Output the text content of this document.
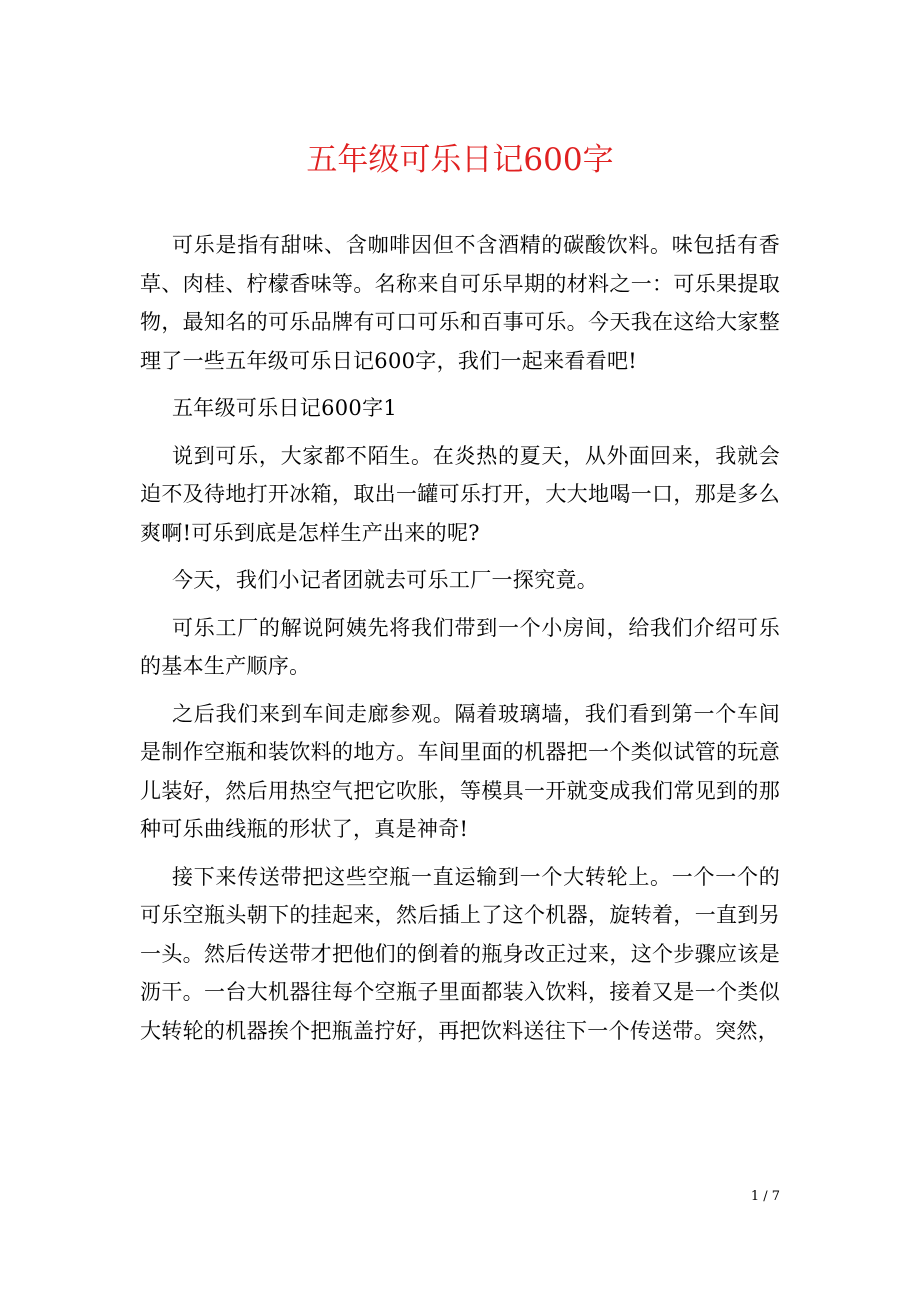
五年级可乐日记600字

可乐是指有甜味、含咖啡因但不含酒精的碳酸饮料。味包括有香草、肉桂、柠檬香味等。名称来自可乐早期的材料之一：可乐果提取物，最知名的可乐品牌有可口可乐和百事可乐。今天我在这给大家整理了一些五年级可乐日记600字，我们一起来看看吧!

五年级可乐日记600字1

说到可乐，大家都不陌生。在炎热的夏天，从外面回来，我就会迫不及待地打开冰箱，取出一罐可乐打开，大大地喝一口，那是多么爽啊!可乐到底是怎样生产出来的呢?

今天，我们小记者团就去可乐工厂一探究竟。

可乐工厂的解说阿姨先将我们带到一个小房间，给我们介绍可乐的基本生产顺序。

之后我们来到车间走廊参观。隔着玻璃墙，我们看到第一个车间是制作空瓶和装饮料的地方。车间里面的机器把一个类似试管的玩意儿装好，然后用热空气把它吹胀，等模具一开就变成我们常见到的那种可乐曲线瓶的形状了，真是神奇!

接下来传送带把这些空瓶一直运输到一个大转轮上。一个一个的可乐空瓶头朝下的挂起来，然后插上了这个机器，旋转着，一直到另一头。然后传送带才把他们的倒着的瓶身改正过来，这个步骤应该是沥干。一台大机器往每个空瓶子里面都装入饮料，接着又是一个类似大转轮的机器挨个把瓶盖拧好，再把饮料送往下一个传送带。突然，

1 / 7
